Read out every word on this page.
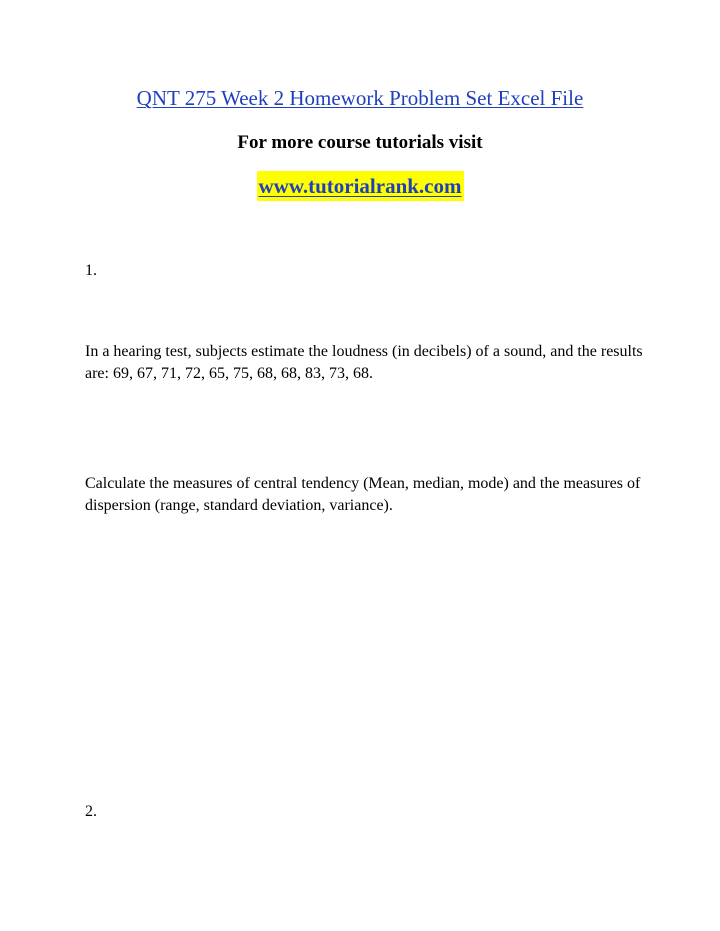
QNT 275 Week 2 Homework Problem Set Excel File
For more course tutorials visit
www.tutorialrank.com
1.
In a hearing test, subjects estimate the loudness (in decibels) of a sound, and the results are: 69, 67, 71, 72, 65, 75, 68, 68, 83, 73, 68.
Calculate the measures of central tendency (Mean, median, mode) and the measures of dispersion (range, standard deviation, variance).
2.
